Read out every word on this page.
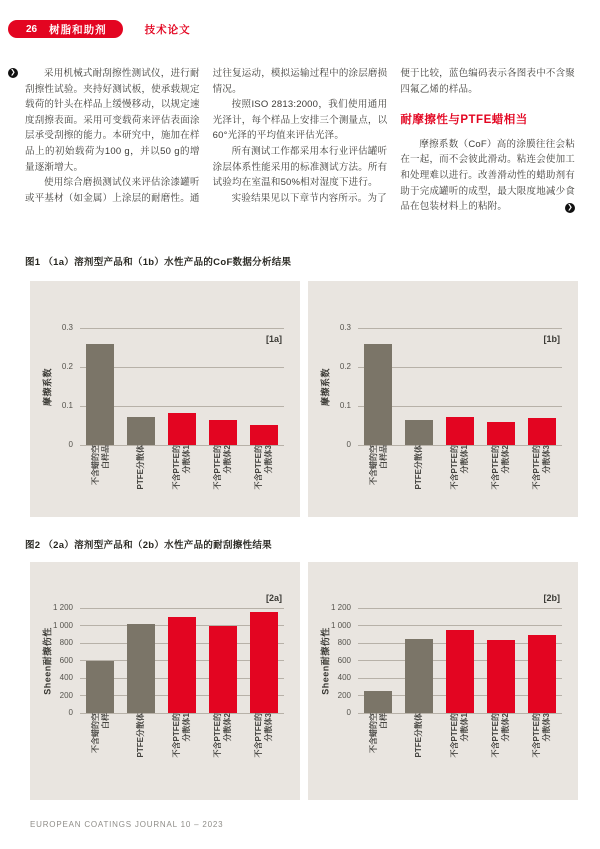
26 树脂和助剂	技术论文
❯	采用机械式耐刮擦性测试仪，进行耐刮擦性试验。夹持好测试板，使承载规定载荷的针头在样品上缓慢移动，以规定速度刮擦表面。采用可变载荷来评估表面涂层承受刮擦的能力。本研究中，施加在样品上的初始载荷为100 g，并以50 g的增量逐渐增大。

使用综合磨损测试仪来评估涂漆罐听或平基材（如金属）上涂层的耐磨性。通

过往复运动，模拟运输过程中的涂层磨损情况。

按照ISO 2813:2000，我们使用通用光泽计，每个样品上安排三个测量点，以60°光泽的平均值来评估光泽。

所有测试工作都采用本行业评估罐听涂层体系性能采用的标准测试方法。所有试验均在室温和50%相对湿度下进行。

实验结果见以下章节内容所示。为了

便于比较，蓝色编码表示各图表中不含聚四氟乙烯的样品。

耐摩擦性与PTFE蜡相当

摩擦系数（CoF）高的涂膜往往会粘在一起，而不会彼此滑动。粘连会使加工和处理难以进行。改善滑动性的蜡助剂有助于完成罐听的成型，最大限度地减少食品在包装材料上的粘附。	❯
图1 （1a）溶剂型产品和（1b）水性产品的CoF数据分析结果
摩擦系数
0
0.1
0.2
0.3
[1a]
不含蜡的空 白样品	PTFE分散体	不含PTFE的 分散体1	不含PTFE的 分散体2	不含PTFE的 分散体3
摩擦系数
0
0.1
0.2
0.3
[1b]
不含蜡的空 白样品	PTFE分散体	不含PTFE的 分散体1	不含PTFE的 分散体2	不含PTFE的 分散体3
图2 （2a）溶剂型产品和（2b）水性产品的耐刮擦性结果
Sheen耐擦伤性
0
200
400
600
800
1 000
1 200
[2a]
不含蜡的空 白样	PTFE分散体	不含PTFE的 分散体1	不含PTFE的 分散体2	不含PTFE的 分散体3
Sheen耐擦伤性
0
200
400
600
800
1 000
1 200
[2b]
不含蜡的空 白样	PTFE分散体	不含PTFE的 分散体1	不含PTFE的 分散体2	不含PTFE的 分散体3
EUROPEAN COATINGS JOURNAL 10 – 2023
